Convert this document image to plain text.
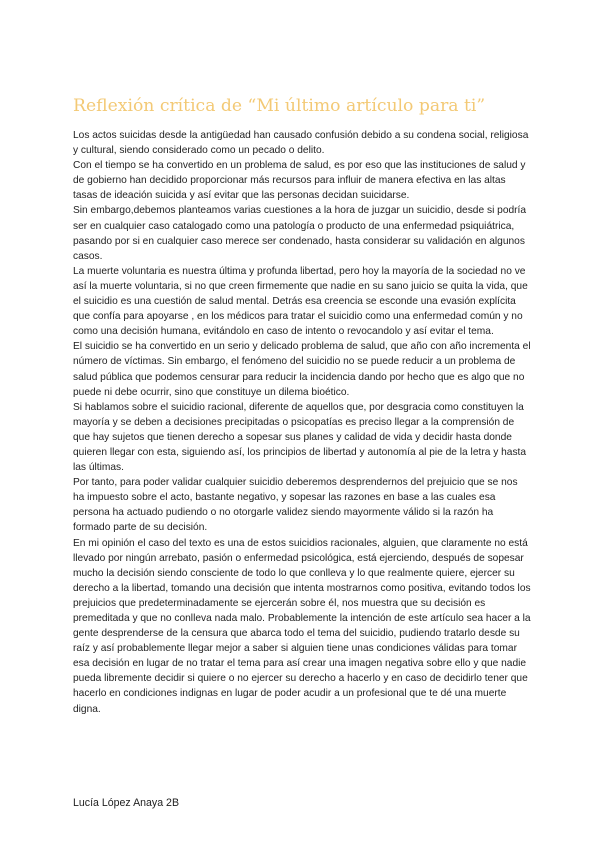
Reflexión crítica de “Mi último artículo para ti”

Los actos suicidas desde la antigüedad han causado confusión debido a su condena social, religiosa y cultural, siendo considerado como un pecado o delito.

Con el tiempo se ha convertido en un problema de salud, es por eso que las instituciones de salud y de gobierno han decidido proporcionar más recursos para influir de manera efectiva en las altas tasas de ideación suicida y así evitar que las personas decidan suicidarse.

Sin embargo,debemos planteamos varias cuestiones a la hora de juzgar un suicidio, desde si podría ser en cualquier caso catalogado como una patología o producto de una enfermedad psiquiátrica, pasando por si en cualquier caso merece ser condenado, hasta considerar su validación en algunos casos.

La muerte voluntaria es nuestra última y profunda libertad, pero hoy la mayoría de la sociedad no ve así la muerte voluntaria, si no que creen firmemente que nadie en su sano juicio se quita la vida, que el suicidio es una cuestión de salud mental. Detrás esa creencia se esconde una evasión explícita que confía para apoyarse , en los médicos para tratar el suicidio como una enfermedad común y no como una decisión humana, evitándolo en caso de intento o revocandolo y así evitar el tema.

El suicidio se ha convertido en un serio y delicado problema de salud, que año con año incrementa el número de víctimas. Sin embargo, el fenómeno del suicidio no se puede reducir a un problema de salud pública que podemos censurar para reducir la incidencia dando por hecho que es algo que no puede ni debe ocurrir, sino que constituye un dilema bioético.

Si hablamos sobre el suicidio racional, diferente de aquellos que, por desgracia como constituyen la mayoría y se deben a decisiones precipitadas o psicopatías es preciso llegar a la comprensión de que hay sujetos que tienen derecho a sopesar sus planes y calidad de vida y decidir hasta donde quieren llegar con esta, siguiendo así, los principios de libertad y autonomía al pie de la letra y hasta las últimas.

Por tanto, para poder validar cualquier suicidio deberemos desprendernos del prejuicio que se nos ha impuesto sobre el acto, bastante negativo, y sopesar las razones en base a las cuales esa persona ha actuado pudiendo o no otorgarle validez siendo mayormente válido si la razón ha formado parte de su decisión.

En mi opinión el caso del texto es una de estos suicidios racionales, alguien, que claramente no está llevado por ningún arrebato, pasión o enfermedad psicológica, está ejerciendo, después de sopesar mucho la decisión siendo consciente de todo lo que conlleva y lo que realmente quiere, ejercer su derecho a la libertad, tomando una decisión que intenta mostrarnos como positiva, evitando todos los prejuicios que predeterminadamente se ejercerán sobre él, nos muestra que su decisión es premeditada y que no conlleva nada malo. Probablemente la intención de este artículo sea hacer a la gente desprenderse de la censura que abarca todo el tema del suicidio, pudiendo tratarlo desde su raíz y así probablemente llegar mejor a saber si alguien tiene unas condiciones válidas para tomar esa decisión en lugar de no tratar el tema para así crear una imagen negativa sobre ello y que nadie pueda libremente decidir si quiere o no ejercer su derecho a hacerlo y en caso de decidirlo tener que hacerlo en condiciones indignas en lugar de poder acudir a un profesional que te dé una muerte digna.

Lucía López Anaya 2B
